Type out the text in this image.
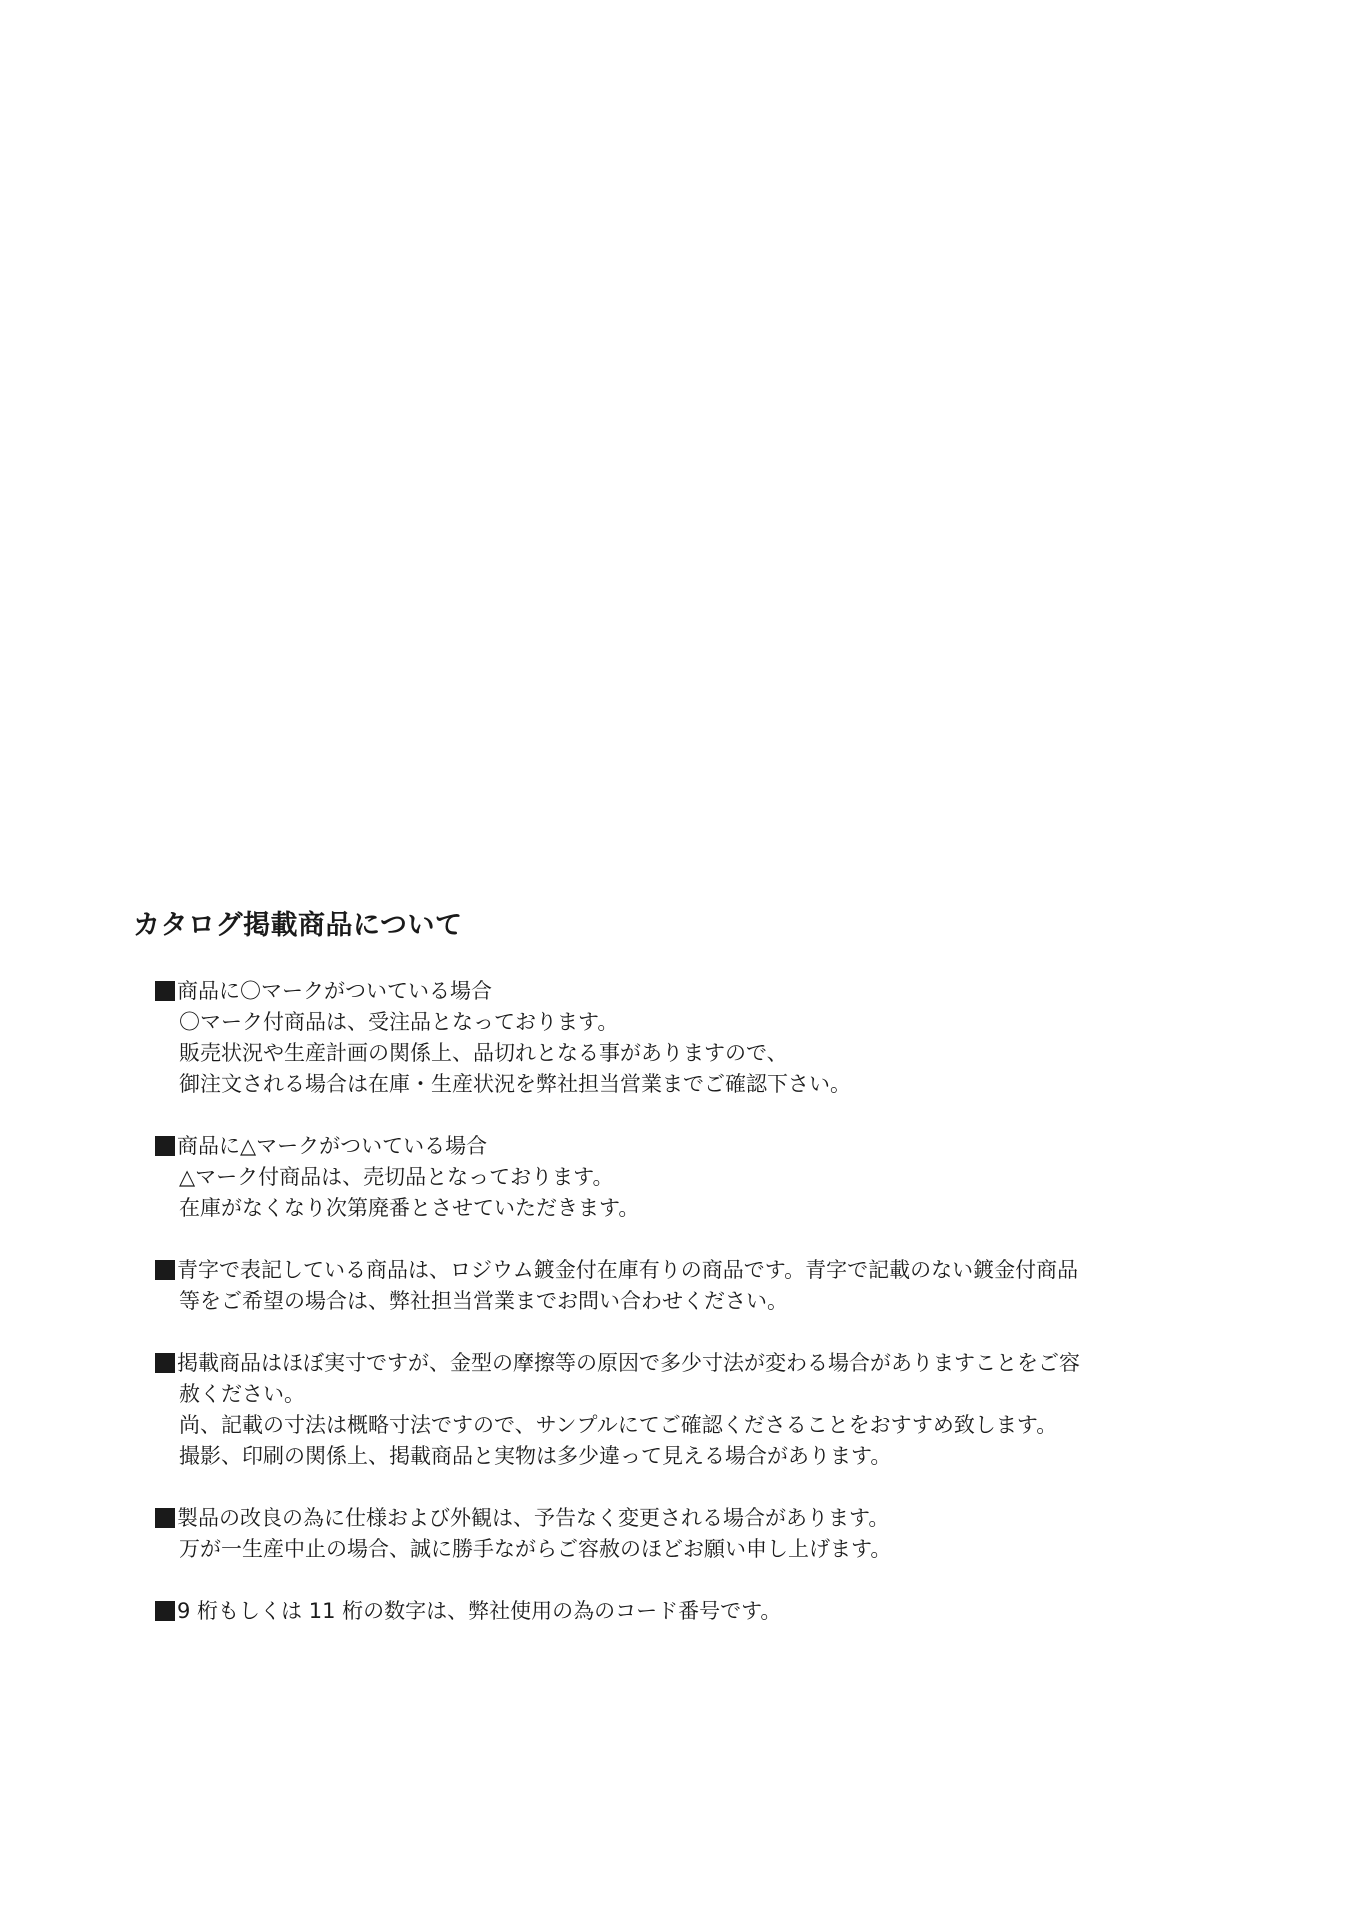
カタログ掲載商品について
商品に〇マークがついている場合
〇マーク付商品は、受注品となっております。
販売状況や生産計画の関係上、品切れとなる事がありますので、
御注文される場合は在庫・生産状況を弊社担当営業までご確認下さい。
商品に△マークがついている場合
△マーク付商品は、売切品となっております。
在庫がなくなり次第廃番とさせていただきます。
青字で表記している商品は、ロジウム鍍金付在庫有りの商品です。青字で記載のない鍍金付商品
等をご希望の場合は、弊社担当営業までお問い合わせください。
掲載商品はほぼ実寸ですが、金型の摩擦等の原因で多少寸法が変わる場合がありますことをご容
赦ください。
尚、記載の寸法は概略寸法ですので、サンプルにてご確認くださることをおすすめ致します。
撮影、印刷の関係上、掲載商品と実物は多少違って見える場合があります。
製品の改良の為に仕様および外観は、予告なく変更される場合があります。
万が一生産中止の場合、誠に勝手ながらご容赦のほどお願い申し上げます。
9 桁もしくは 11 桁の数字は、弊社使用の為のコード番号です。
